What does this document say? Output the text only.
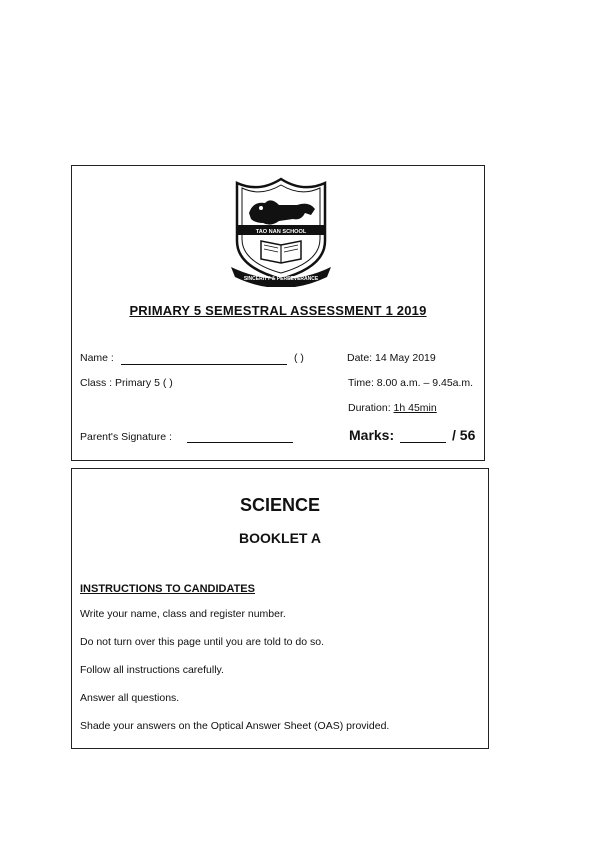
TAO NAN SCHOOL
SINCERITY & PERSEVERANCE
PRIMARY 5 SEMESTRAL ASSESSMENT 1 2019
Name :	( )
Class : Primary 5 ( )
Parent's Signature :
Date: 14 May 2019
Time: 8.00 a.m. – 9.45a.m.
Duration: 1h 45min
Marks:	/ 56
SCIENCE
BOOKLET A
INSTRUCTIONS TO CANDIDATES
Write your name, class and register number.
Do not turn over this page until you are told to do so.
Follow all instructions carefully.
Answer all questions.
Shade your answers on the Optical Answer Sheet (OAS) provided.
